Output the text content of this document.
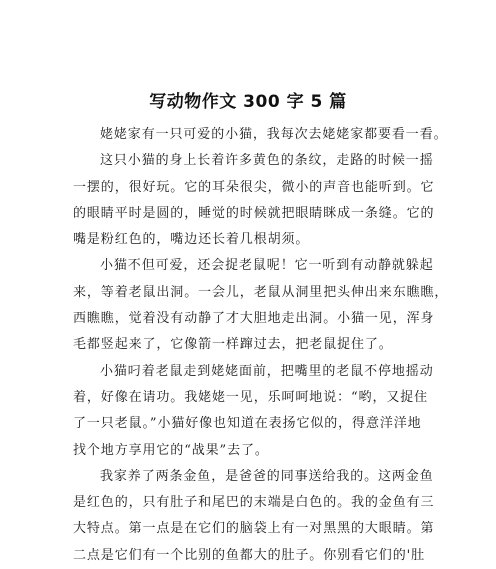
写动物作文 300 字 5 篇
姥姥家有一只可爱的小猫，我每次去姥姥家都要看一看。
这只小猫的身上长着许多黄色的条纹，走路的时候一摇
一摆的，很好玩。它的耳朵很尖，微小的声音也能听到。它
的眼睛平时是圆的，睡觉的时候就把眼睛眯成一条缝。它的
嘴是粉红色的，嘴边还长着几根胡须。
小猫不但可爱，还会捉老鼠呢！它一听到有动静就躲起
来，等着老鼠出洞。一会儿，老鼠从洞里把头伸出来东瞧瞧，
西瞧瞧，觉着没有动静了才大胆地走出洞。小猫一见，浑身
毛都竖起来了，它像箭一样蹿过去，把老鼠捉住了。
小猫叼着老鼠走到姥姥面前，把嘴里的老鼠不停地摇动
着，好像在请功。我姥姥一见，乐呵呵地说：“哟，又捉住
了一只老鼠。”小猫好像也知道在表扬它似的，得意洋洋地
找个地方享用它的“战果”去了。
我家养了两条金鱼，是爸爸的同事送给我的。这两金鱼
是红色的，只有肚子和尾巴的末端是白色的。我的金鱼有三
大特点。第一点是在它们的脑袋上有一对黑黑的大眼睛。第
二点是它们有一个比别的鱼都大的肚子。你别看它们的'肚
